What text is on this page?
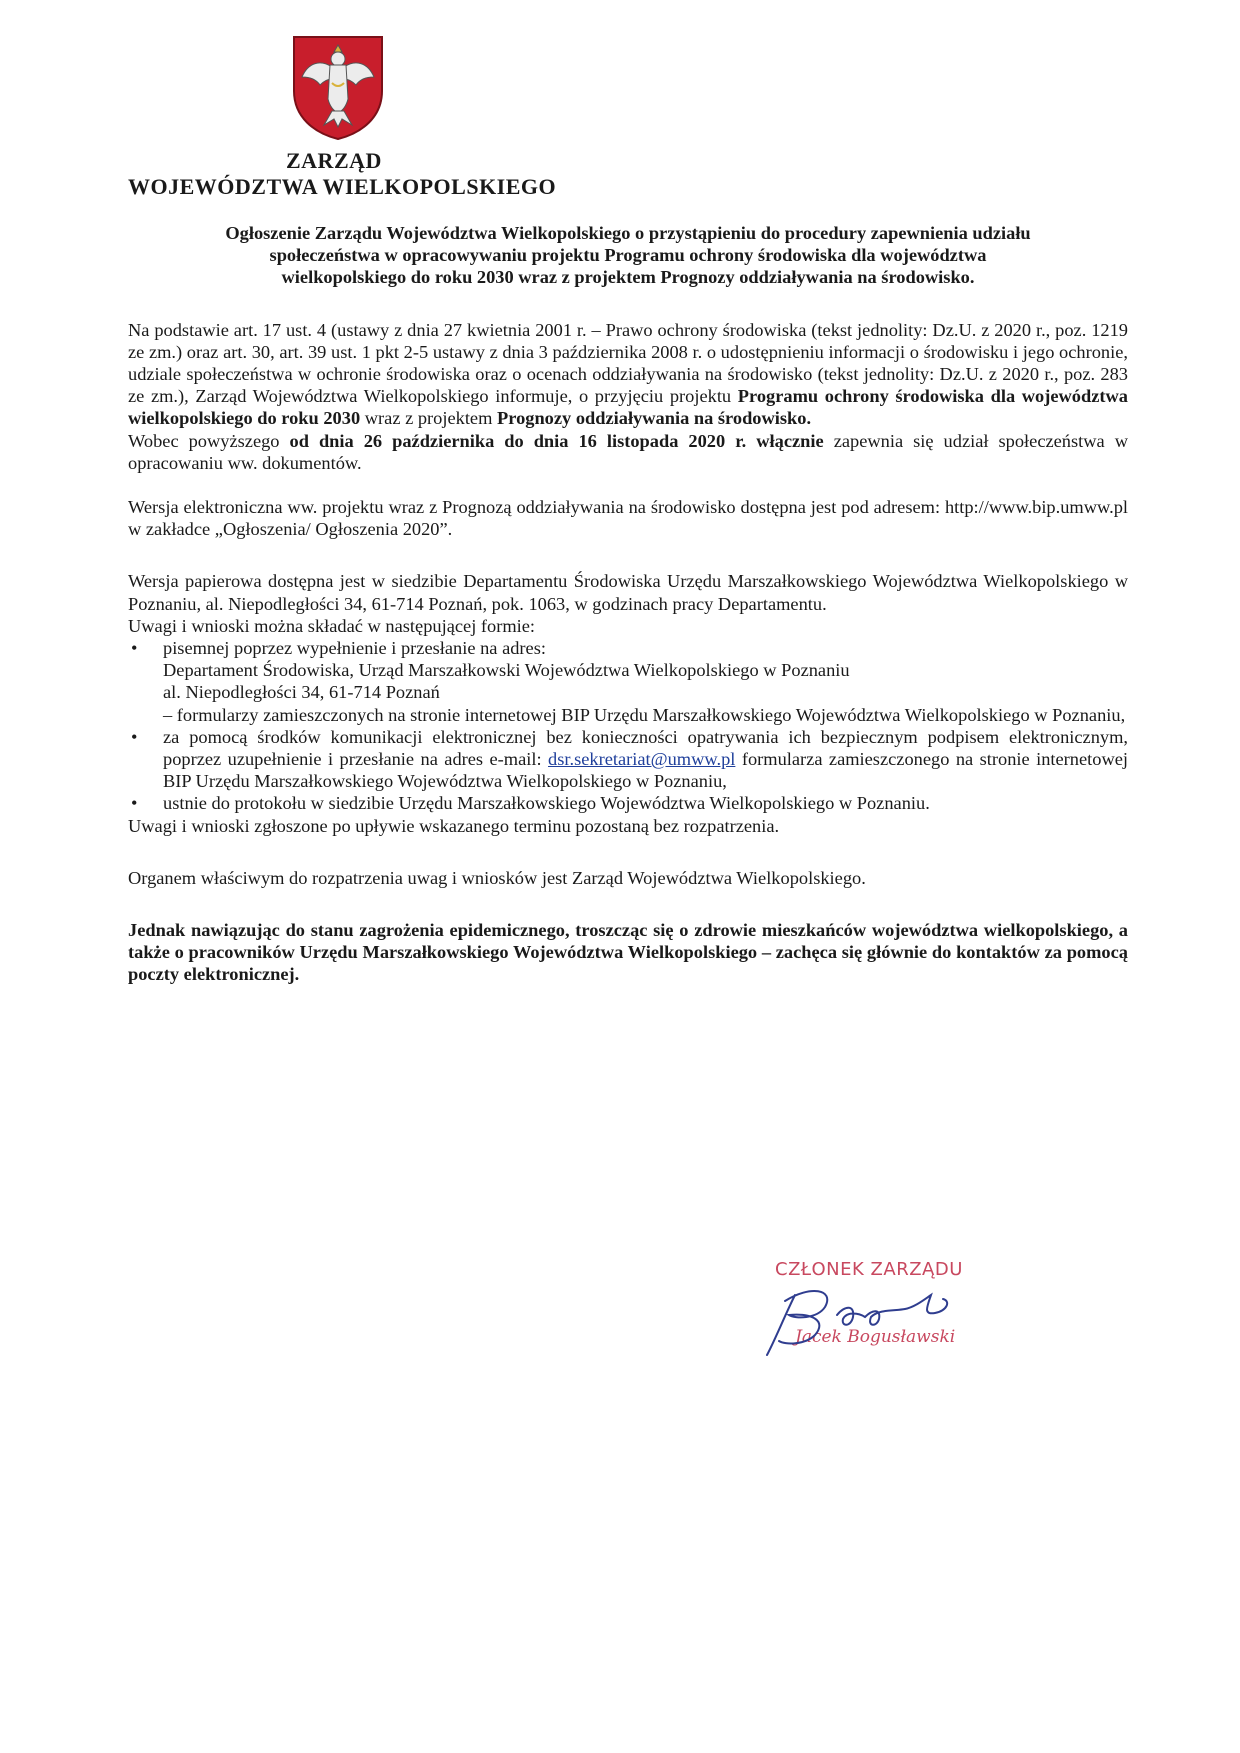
ZARZĄD
WOJEWÓDZTWA WIELKOPOLSKIEGO
Ogłoszenie Zarządu Województwa Wielkopolskiego o przystąpieniu do procedury zapewnienia udziału
społeczeństwa w opracowywaniu projektu Programu ochrony środowiska dla województwa
wielkopolskiego do roku 2030 wraz z projektem Prognozy oddziaływania na środowisko.

Na podstawie art. 17 ust. 4 (ustawy z dnia 27 kwietnia 2001 r. – Prawo ochrony środowiska (tekst jednolity: Dz.U. z 2020 r., poz. 1219 ze zm.) oraz art. 30, art. 39 ust. 1 pkt 2-5 ustawy z dnia 3 października 2008 r. o udostępnieniu informacji o środowisku i jego ochronie, udziale społeczeństwa w ochronie środowiska oraz o ocenach oddziaływania na środowisko (tekst jednolity: Dz.U. z 2020 r., poz. 283 ze zm.), Zarząd Województwa Wielkopolskiego informuje, o przyjęciu projektu Programu ochrony środowiska dla województwa wielkopolskiego do roku 2030 wraz z projektem Prognozy oddziaływania na środowisko.
Wobec powyższego od dnia 26 października do dnia 16 listopada 2020 r. włącznie zapewnia się udział społeczeństwa w opracowaniu ww. dokumentów.

Wersja elektroniczna ww. projektu wraz z Prognozą oddziaływania na środowisko dostępna jest pod adresem: http://www.bip.umww.pl w zakładce „Ogłoszenia/ Ogłoszenia 2020”.

Wersja papierowa dostępna jest w siedzibie Departamentu Środowiska Urzędu Marszałkowskiego Województwa Wielkopolskiego w Poznaniu, al. Niepodległości 34, 61-714 Poznań, pok. 1063, w godzinach pracy Departamentu.

Uwagi i wnioski można składać w następującej formie:

• pisemnej poprzez wypełnienie i przesłanie na adres:
Departament Środowiska, Urząd Marszałkowski Województwa Wielkopolskiego w Poznaniu
al. Niepodległości 34, 61-714 Poznań
– formularzy zamieszczonych na stronie internetowej BIP Urzędu Marszałkowskiego Województwa Wielkopolskiego w Poznaniu,
• za pomocą środków komunikacji elektronicznej bez konieczności opatrywania ich bezpiecznym podpisem elektronicznym, poprzez uzupełnienie i przesłanie na adres e-mail: dsr.sekretariat@umww.pl formularza zamieszczonego na stronie internetowej BIP Urzędu Marszałkowskiego Województwa Wielkopolskiego w Poznaniu,
• ustnie do protokołu w siedzibie Urzędu Marszałkowskiego Województwa Wielkopolskiego w Poznaniu.

Uwagi i wnioski zgłoszone po upływie wskazanego terminu pozostaną bez rozpatrzenia.

Organem właściwym do rozpatrzenia uwag i wniosków jest Zarząd Województwa Wielkopolskiego.

Jednak nawiązując do stanu zagrożenia epidemicznego, troszcząc się o zdrowie mieszkańców województwa wielkopolskiego, a także o pracowników Urzędu Marszałkowskiego Województwa Wielkopolskiego – zachęca się głównie do kontaktów za pomocą poczty elektronicznej.

CZŁONEK ZARZĄDU
Jacek Bogusławski
